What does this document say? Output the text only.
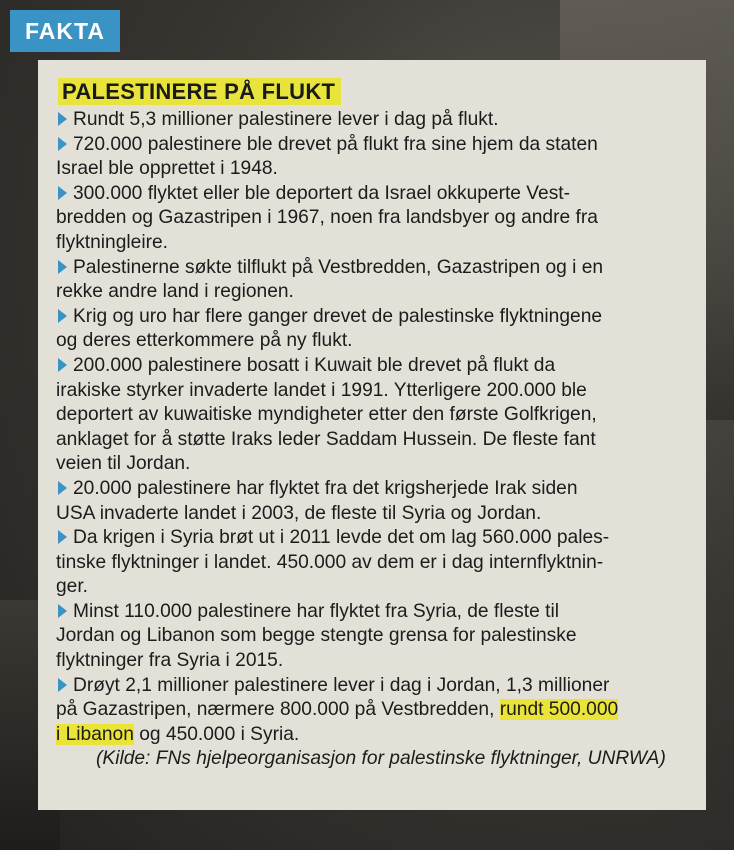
FAKTA
PALESTINERE PÅ FLUKT
Rundt 5,3 millioner palestinere lever i dag på flukt.
720.000 palestinere ble drevet på flukt fra sine hjem da staten
Israel ble opprettet i 1948.
300.000 flyktet eller ble deportert da Israel okkuperte Vest-
bredden og Gazastripen i 1967, noen fra landsbyer og andre fra
flyktningleire.
Palestinerne søkte tilflukt på Vestbredden, Gazastripen og i en
rekke andre land i regionen.
Krig og uro har flere ganger drevet de palestinske flyktningene
og deres etterkommere på ny flukt.
200.000 palestinere bosatt i Kuwait ble drevet på flukt da
irakiske styrker invaderte landet i 1991. Ytterligere 200.000 ble
deportert av kuwaitiske myndigheter etter den første Golfkrigen,
anklaget for å støtte Iraks leder Saddam Hussein. De fleste fant
veien til Jordan.
20.000 palestinere har flyktet fra det krigsherjede Irak siden
USA invaderte landet i 2003, de fleste til Syria og Jordan.
Da krigen i Syria brøt ut i 2011 levde det om lag 560.000 pales-
tinske flyktninger i landet. 450.000 av dem er i dag internflyktnin-
ger.
Minst 110.000 palestinere har flyktet fra Syria, de fleste til
Jordan og Libanon som begge stengte grensa for palestinske
flyktninger fra Syria i 2015.
Drøyt 2,1 millioner palestinere lever i dag i Jordan, 1,3 millioner
på Gazastripen, nærmere 800.000 på Vestbredden, rundt 500.000
i Libanon og 450.000 i Syria.
(Kilde: FNs hjelpeorganisasjon for palestinske flyktninger, UNRWA)
